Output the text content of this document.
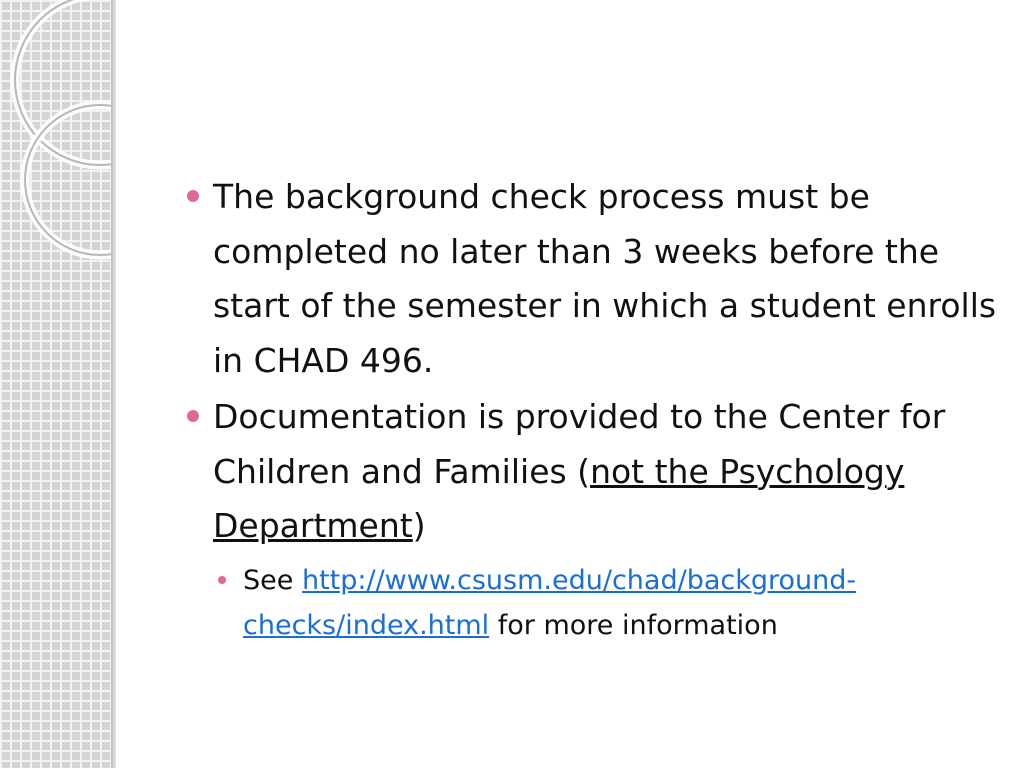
The background check process must be completed no later than 3 weeks before the start of the semester in which a student enrolls in CHAD 496.
Documentation is provided to the Center for Children and Families (not the Psychology Department)
See http://www.csusm.edu/chad/background-checks/index.html for more information
